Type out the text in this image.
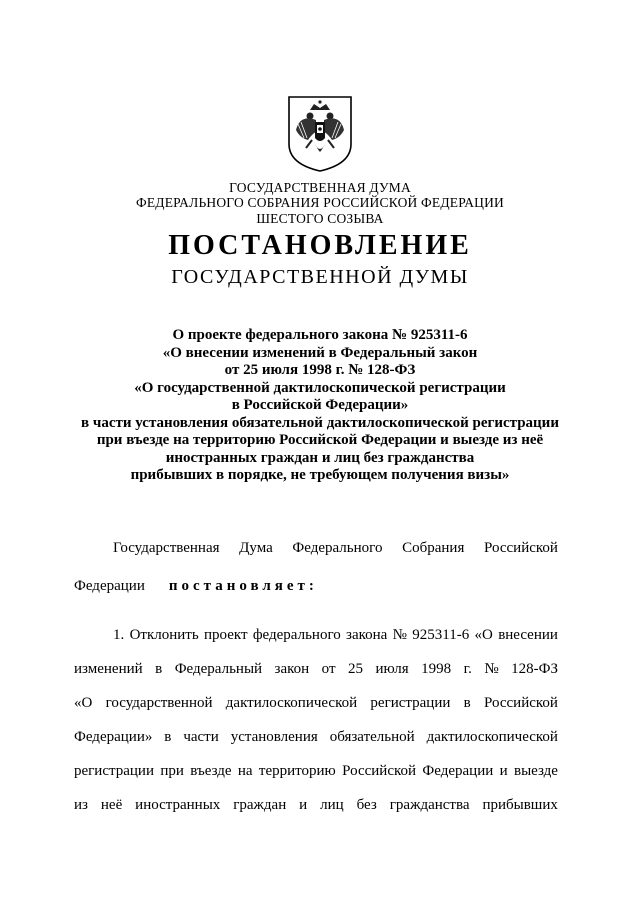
ГОСУДАРСТВЕННАЯ ДУМА
ФЕДЕРАЛЬНОГО СОБРАНИЯ РОССИЙСКОЙ ФЕДЕРАЦИИ
ШЕСТОГО СОЗЫВА
ПОСТАНОВЛЕНИЕ
ГОСУДАРСТВЕННОЙ ДУМЫ
О проекте федерального закона № 925311-6
«О внесении изменений в Федеральный закон
от 25 июля 1998 г. № 128-ФЗ
«О государственной дактилоскопической регистрации
в Российской Федерации»
в части установления обязательной дактилоскопической регистрации
при въезде на территорию Российской Федерации и выезде из неё
иностранных граждан и лиц без гражданства
прибывших в порядке, не требующем получения визы»
Государственная Дума Федерального Собрания Российской
Федерации постановляет:
1. Отклонить проект федерального закона № 925311-6 «О внесении
изменений в Федеральный закон от 25 июля 1998 г. № 128-ФЗ
«О государственной дактилоскопической регистрации в Российской
Федерации» в части установления обязательной дактилоскопической
регистрации при въезде на территорию Российской Федерации и выезде
из неё иностранных граждан и лиц без гражданства прибывших
